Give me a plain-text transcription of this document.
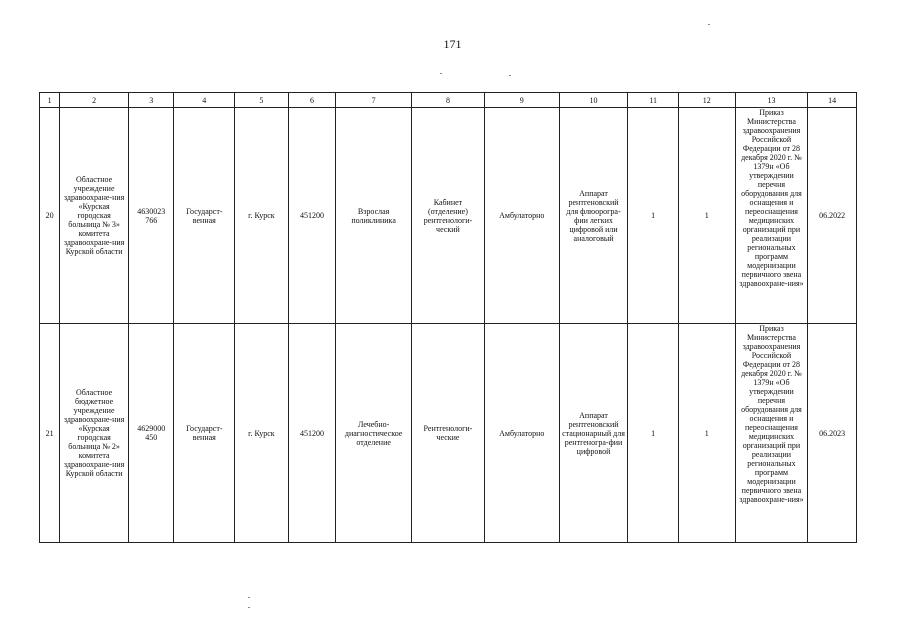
171
1	2	3	4	5	6	7	8	9	10	11	12	13	14
20	Областное учреждение здравоохране-ния «Курская городская больница № 3» комитета здравоохране-ния Курской области	4630023 766	Государст-венная	г. Курск	451200	Взрослая поликлиника	Кабинет (отделение) рентгенологи-ческий	Амбулаторно	Аппарат рентгеновский для флюорогра-фии легких цифровой или аналоговый	1	1	Приказ Министерства здравоохранения Российской Федерации от 28 декабря 2020 г. № 1379н «Об утверждении перечня оборудования для оснащения и переоснащения медицинских организаций при реализации региональных программ модернизации первичного звена здравоохране-ния»	06.2022
21	Областное бюджетное учреждение здравоохране-ния «Курская городская больница № 2» комитета здравоохране-ния Курской области	4629000 450	Государст-венная	г. Курск	451200	Лечебно-диагностическое отделение	Рентгенологи-ческие	Амбулаторно	Аппарат рентгеновский стационарный для рентгеногра-фии цифровой	1	1	Приказ Министерства здравоохранения Российской Федерации от 28 декабря 2020 г. № 1379н «Об утверждении перечня оборудования для оснащения и переоснащения медицинских организаций при реализации региональных программ модернизации первичного звена здравоохране-ния»	06.2023
